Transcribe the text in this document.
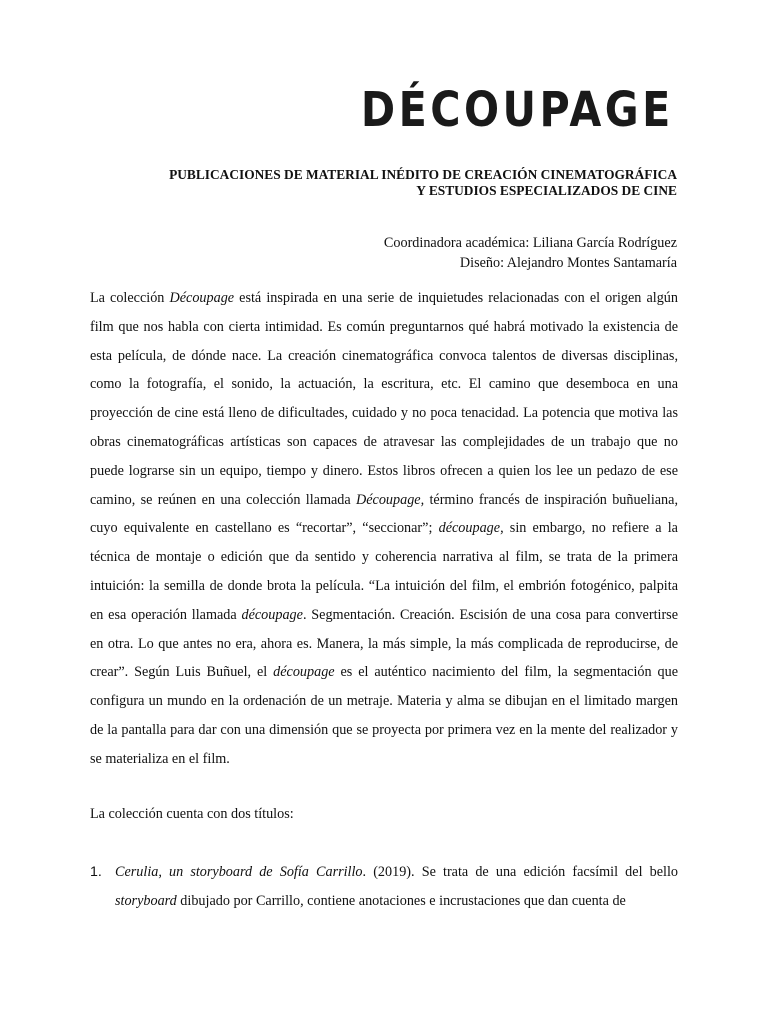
DÉCOUPAGE
PUBLICACIONES DE MATERIAL INÉDITO DE CREACIÓN CINEMATOGRÁFICA
Y ESTUDIOS ESPECIALIZADOS DE CINE
Coordinadora académica: Liliana García Rodríguez
Diseño: Alejandro Montes Santamaría

La colección Découpage está inspirada en una serie de inquietudes relacionadas con el origen algún film que nos habla con cierta intimidad. Es común preguntarnos qué habrá motivado la existencia de esta película, de dónde nace. La creación cinematográfica convoca talentos de diversas disciplinas, como la fotografía, el sonido, la actuación, la escritura, etc. El camino que desemboca en una proyección de cine está lleno de dificultades, cuidado y no poca tenacidad. La potencia que motiva las obras cinematográficas artísticas son capaces de atravesar las complejidades de un trabajo que no puede lograrse sin un equipo, tiempo y dinero. Estos libros ofrecen a quien los lee un pedazo de ese camino, se reúnen en una colección llamada Découpage, término francés de inspiración buñueliana, cuyo equivalente en castellano es “recortar”, “seccionar”; découpage, sin embargo, no refiere a la técnica de montaje o edición que da sentido y coherencia narrativa al film, se trata de la primera intuición: la semilla de donde brota la película. “La intuición del film, el embrión fotogénico, palpita en esa operación llamada découpage. Segmentación. Creación. Escisión de una cosa para convertirse en otra. Lo que antes no era, ahora es. Manera, la más simple, la más complicada de reproducirse, de crear”. Según Luis Buñuel, el découpage es el auténtico nacimiento del film, la segmentación que configura un mundo en la ordenación de un metraje. Materia y alma se dibujan en el limitado margen de la pantalla para dar con una dimensión que se proyecta por primera vez en la mente del realizador y se materializa en el film.

La colección cuenta con dos títulos:

1. Cerulia, un storyboard de Sofía Carrillo. (2019). Se trata de una edición facsímil del bello storyboard dibujado por Carrillo, contiene anotaciones e incrustaciones que dan cuenta de
